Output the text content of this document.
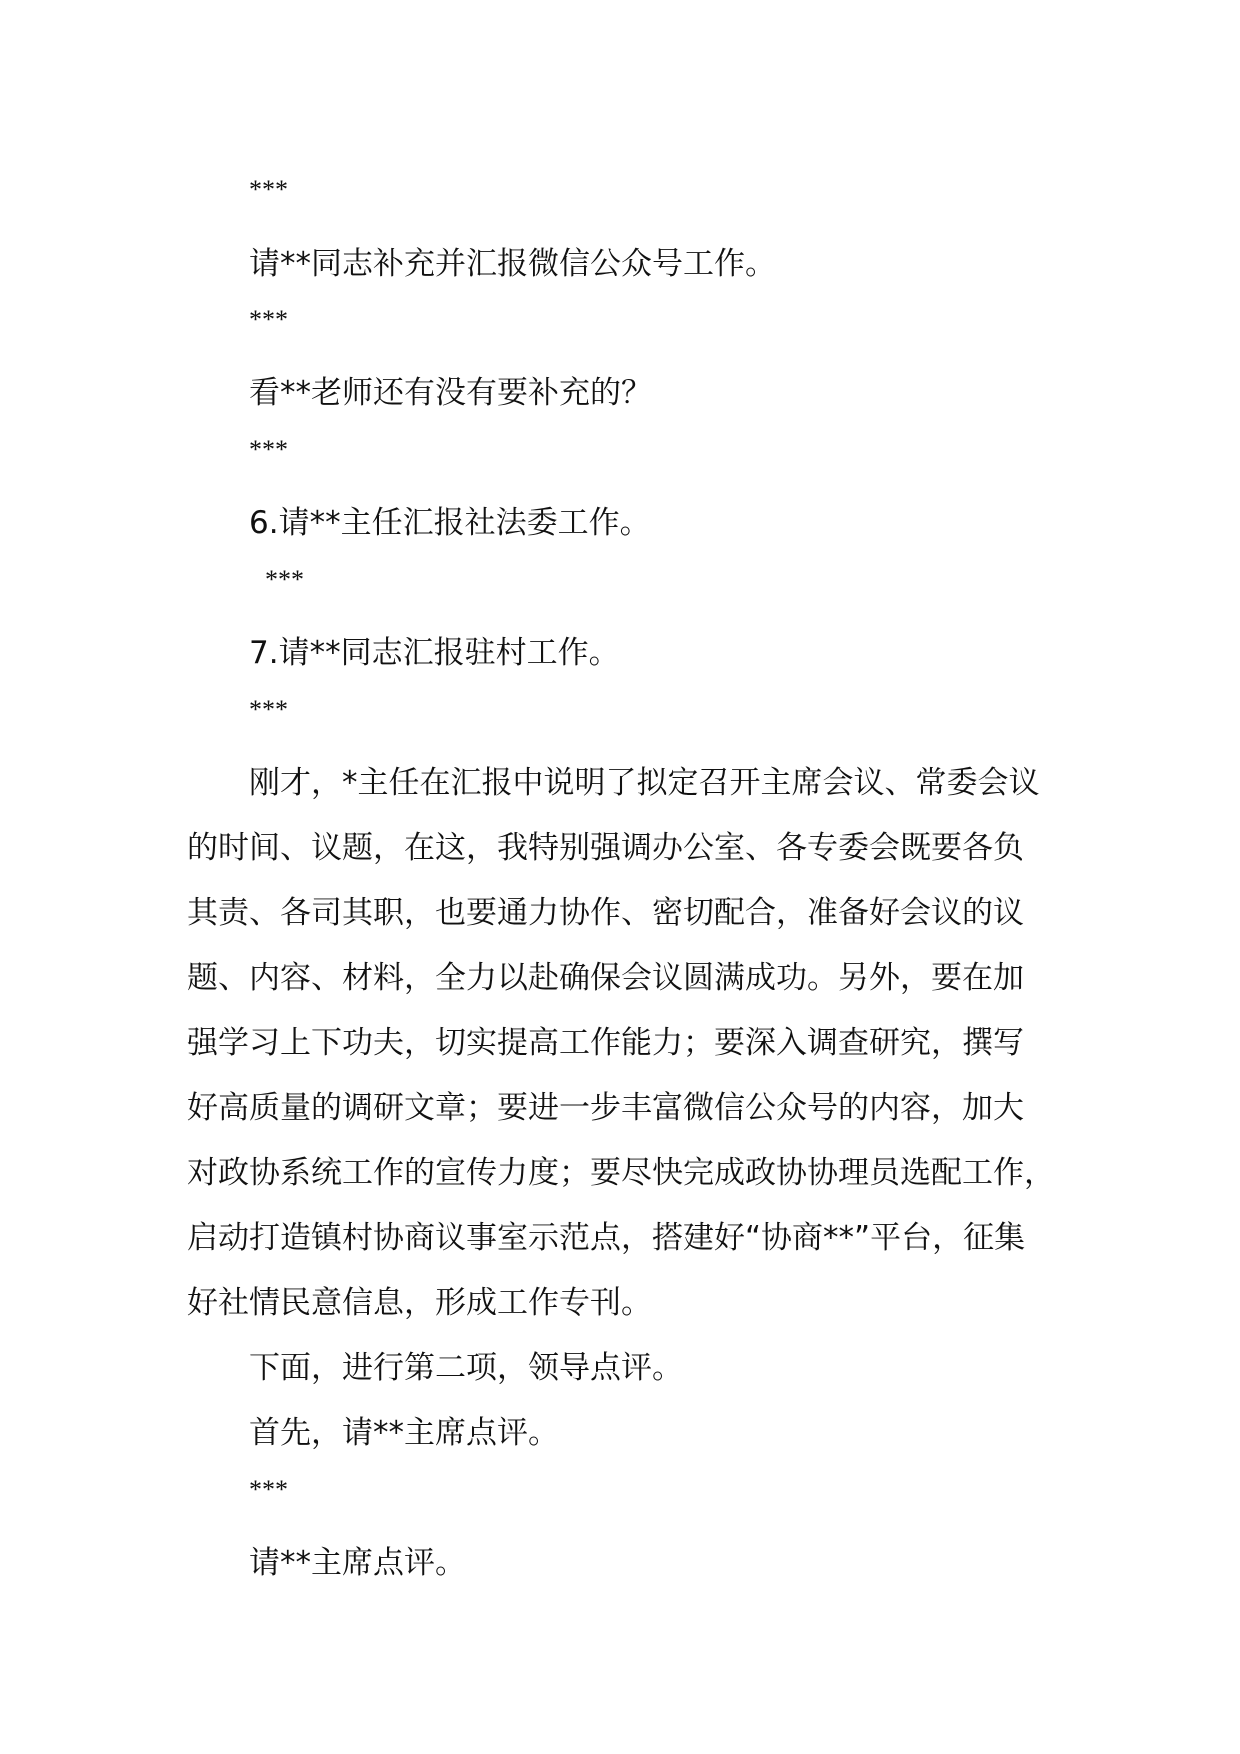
***
请**同志补充并汇报微信公众号工作。
***
看**老师还有没有要补充的？
***
6.请**主任汇报社法委工作。
***
7.请**同志汇报驻村工作。
***
刚才，*主任在汇报中说明了拟定召开主席会议、常委会议
的时间、议题，在这，我特别强调办公室、各专委会既要各负
其责、各司其职，也要通力协作、密切配合，准备好会议的议
题、内容、材料，全力以赴确保会议圆满成功。另外，要在加
强学习上下功夫，切实提高工作能力；要深入调查研究，撰写
好高质量的调研文章；要进一步丰富微信公众号的内容，加大
对政协系统工作的宣传力度；要尽快完成政协协理员选配工作，
启动打造镇村协商议事室示范点，搭建好“协商**”平台，征集
好社情民意信息，形成工作专刊。
下面，进行第二项，领导点评。
首先，请**主席点评。
***
请**主席点评。
